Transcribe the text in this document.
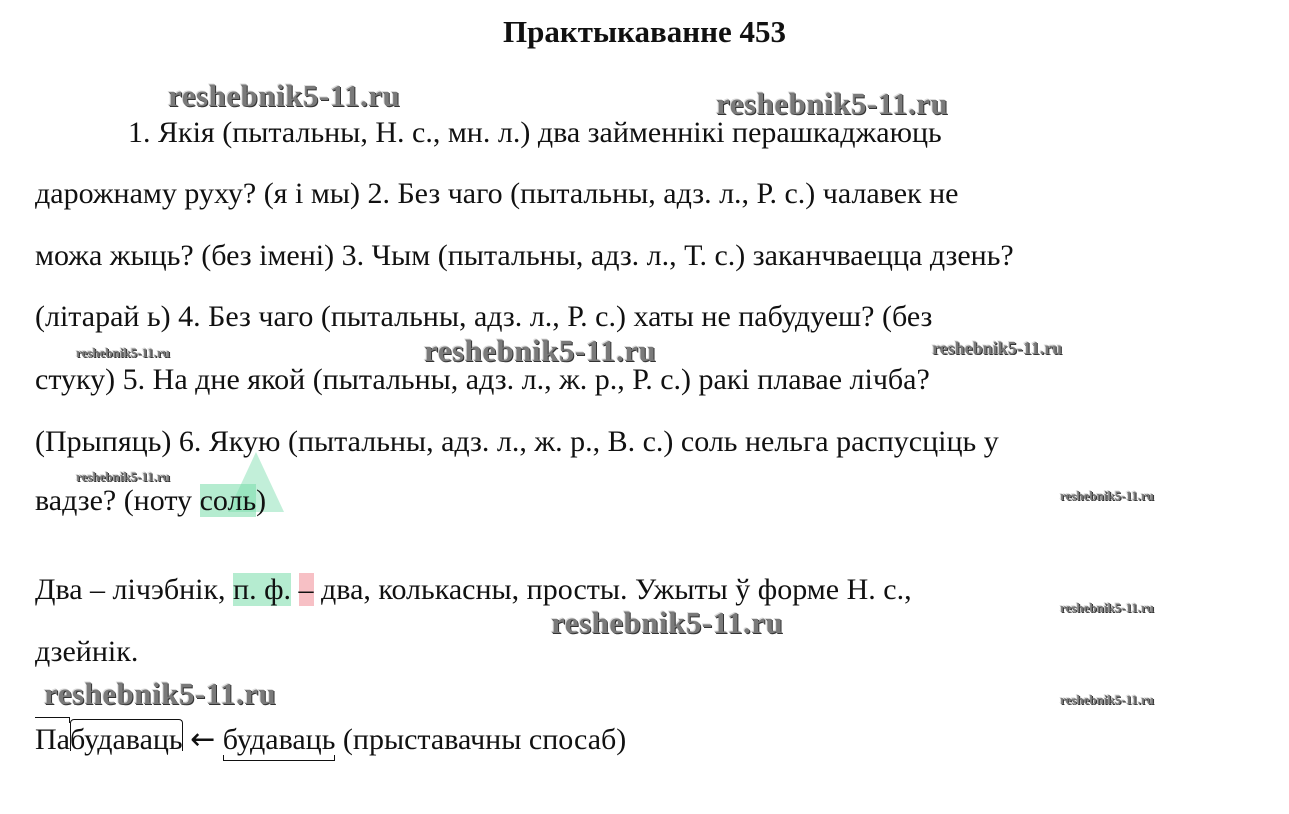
Практыкаванне 453
reshebnik5-11.ru	reshebnik5-11.ru
reshebnik5-11.ru	reshebnik5-11.ru	reshebnik5-11.ru
reshebnik5-11.ru
reshebnik5-11.ru
reshebnik5-11.ru
reshebnik5-11.ru
reshebnik5-11.ru	reshebnik5-11.ru
1. Якія (пытальны, Н. с., мн. л.) два займеннікі перашкаджаюць
дарожнаму руху? (я і мы) 2. Без чаго (пытальны, адз. л., Р. с.) чалавек не
можа жыць? (без імені) 3. Чым (пытальны, адз. л., Т. с.) заканчваецца дзень?
(літарай ь) 4. Без чаго (пытальны, адз. л., Р. с.) хаты не пабудуеш? (без
стуку) 5. На дне якой (пытальны, адз. л., ж. р., Р. с.) ракі плавае лічба?
(Прыпяць) 6. Якую (пытальны, адз. л., ж. р., В. с.) соль нельга распусціць у
вадзе? (ноту соль)
Два – лічэбнік, п. ф. – два, колькасны, просты. Ужыты ў форме Н. с.,
дзейнік.
Па
будаваць ← будаваць (прыставачны спосаб)
